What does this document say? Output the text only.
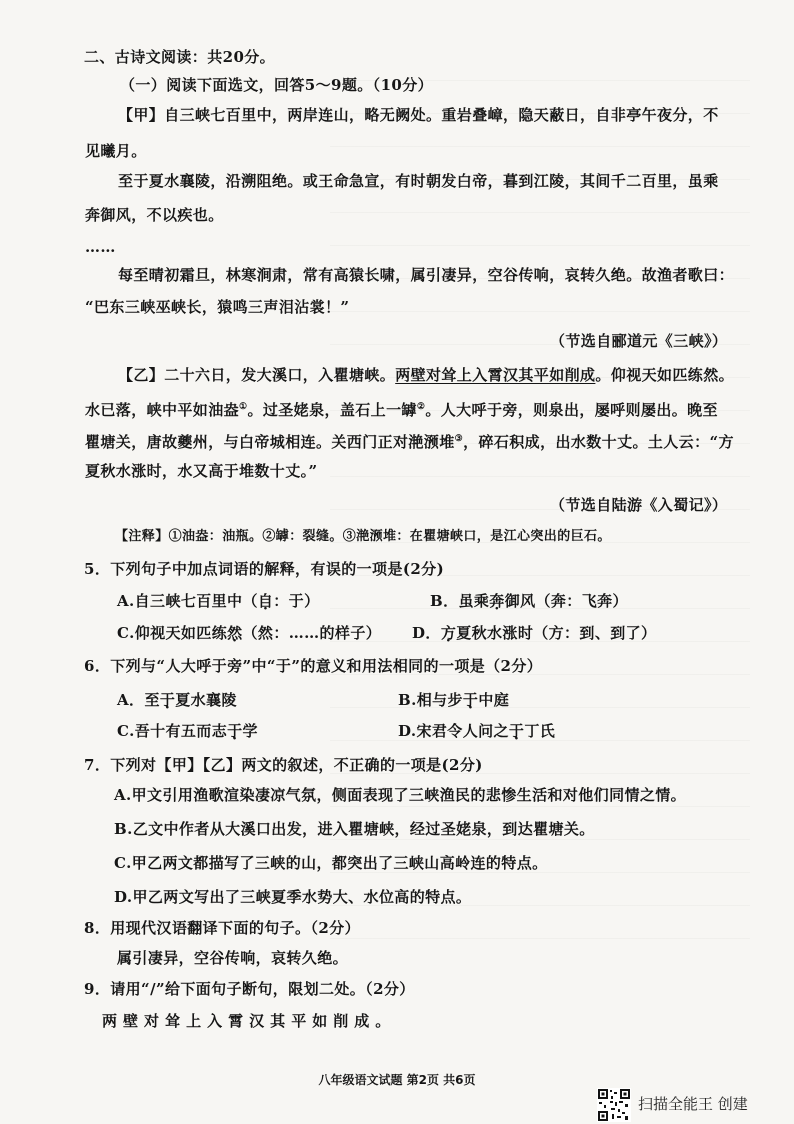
二、古诗文阅读：共20分。
（一）阅读下面选文，回答5～9题。（10分）
【甲】自三峡七百里中，两岸连山，略无阙处。重岩叠嶂，隐天蔽日，自非亭午夜分，不
见曦月。
至于夏水襄陵，沿溯阻绝。或王命急宣，有时朝发白帝，暮到江陵，其间千二百里，虽乘
奔御风，不以疾也。
……
每至晴初霜旦，林寒涧肃，常有高猿长啸，属引凄异，空谷传响，哀转久绝。故渔者歌曰：
“巴东三峡巫峡长，猿鸣三声泪沾裳！”
（节选自郦道元《三峡》）
【乙】二十六日，发大溪口，入瞿塘峡。两壁对耸上入霄汉其平如削成。仰视天如匹练然。
水已落，峡中平如油盎①。过圣姥泉，盖石上一罅②。人大呼于旁，则泉出，屡呼则屡出。晚至
瞿塘关，唐故夔州，与白帝城相连。关西门正对滟滪堆③，碎石积成，出水数十丈。土人云：“方
夏秋水涨时，水又高于堆数十丈。”
（节选自陆游《入蜀记》）
【注释】①油盎：油瓶。②罅：裂缝。③滟滪堆：在瞿塘峡口，是江心突出的巨石。
5．下列句子中加点词语的解释，有误的一项是(2分)
A.自三峡七百里中（自：于）	B．虽乘奔御风（奔：飞奔）
C.仰视天如匹练然（然：……的样子） D．方夏秋水涨时（方：到、到了）
6．下列与“人大呼于旁”中“于”的意义和用法相同的一项是（2分）
A．至于夏水襄陵	B.相与步于中庭
C.吾十有五而志于学	D.宋君令人问之于丁氏
7．下列对【甲】【乙】两文的叙述，不正确的一项是(2分)
A.甲文引用渔歌渲染凄凉气氛，侧面表现了三峡渔民的悲惨生活和对他们同情之情。
B.乙文中作者从大溪口出发，进入瞿塘峡，经过圣姥泉，到达瞿塘关。
C.甲乙两文都描写了三峡的山，都突出了三峡山高岭连的特点。
D.甲乙两文写出了三峡夏季水势大、水位高的特点。
8．用现代汉语翻译下面的句子。（2分）
属引凄异，空谷传响，哀转久绝。
9．请用“/”给下面句子断句，限划二处。（2分）
两 壁 对 耸 上 入 霄 汉 其 平 如 削 成 。
八年级语文试题 第2页 共6页
扫描全能王 创建
